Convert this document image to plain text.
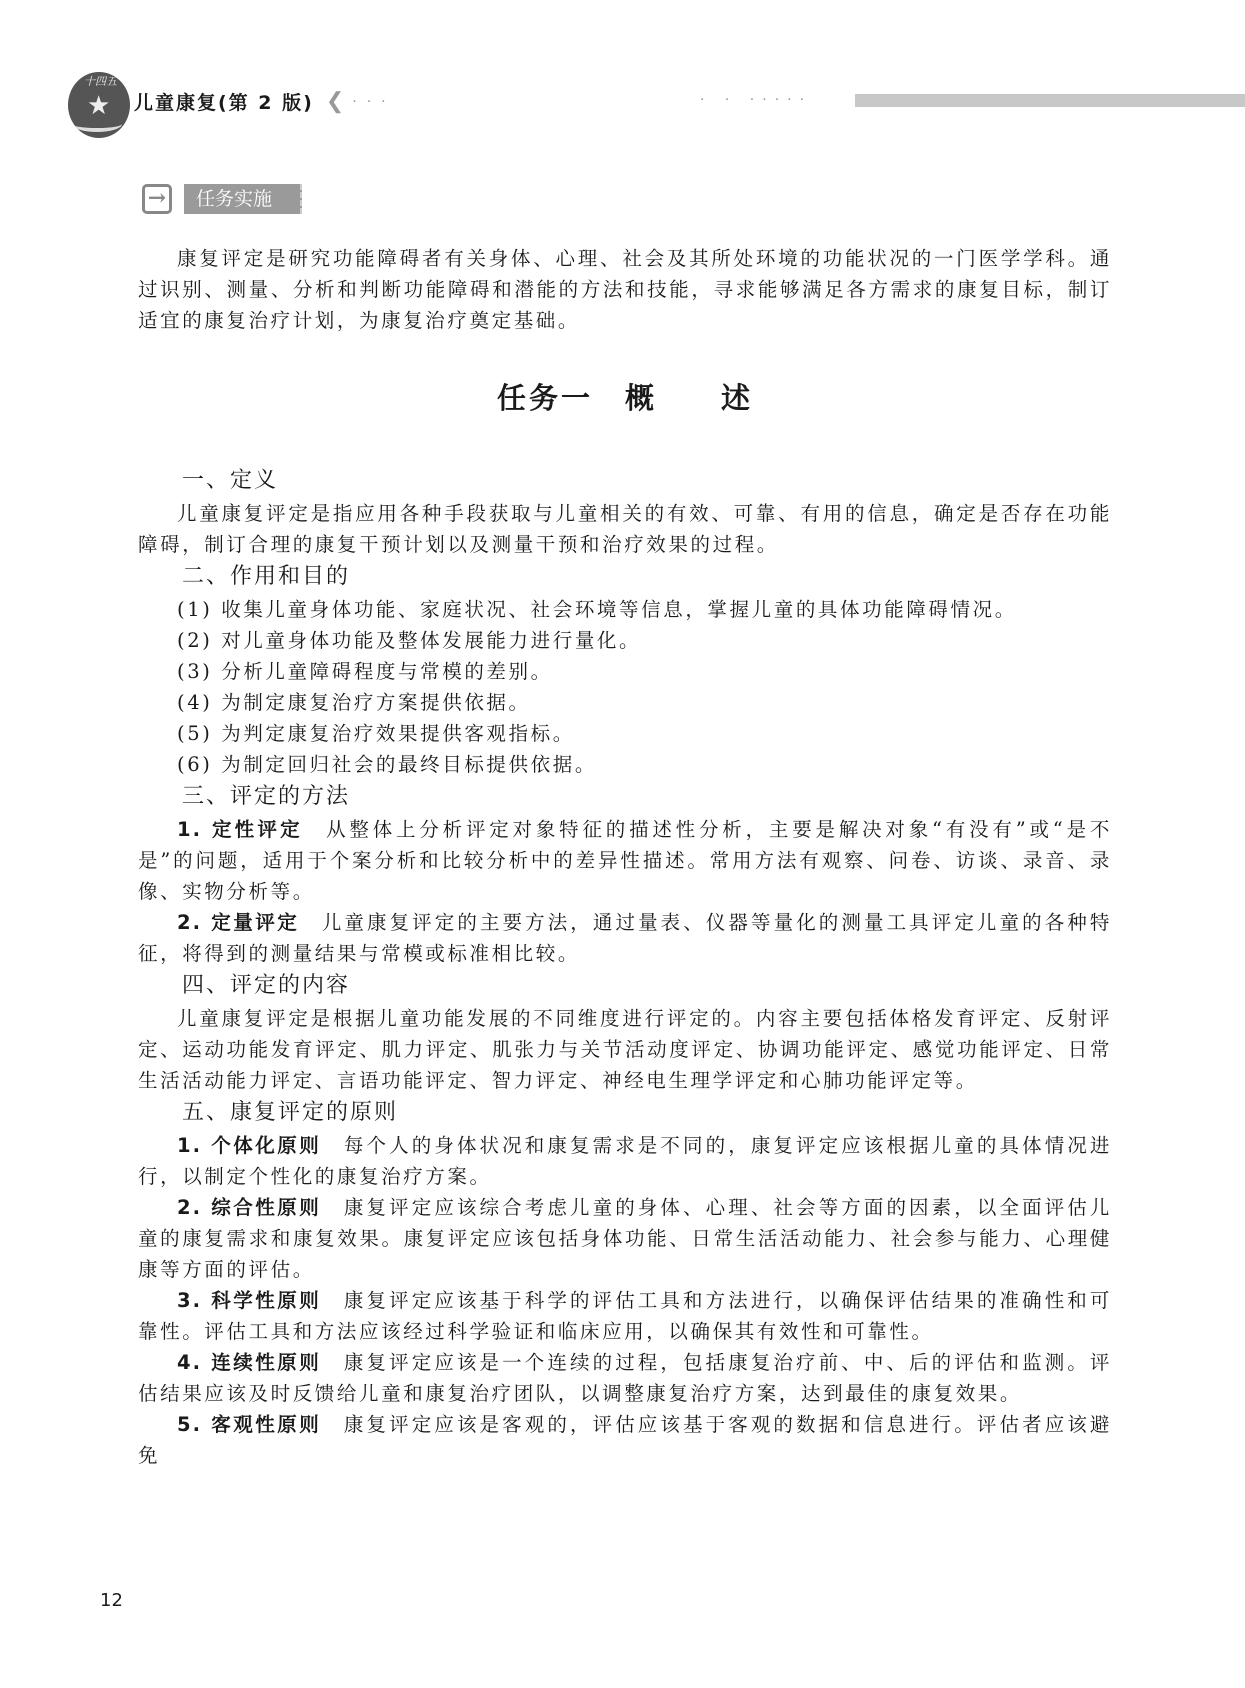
十四五
★ 儿童康复(第 2 版) ❮ ···	· · ·····
→	任务实施

康复评定是研究功能障碍者有关身体、心理、社会及其所处环境的功能状况的一门医学学科。通过识别、测量、分析和判断功能障碍和潜能的方法和技能，寻求能够满足各方需求的康复目标，制订适宜的康复治疗计划，为康复治疗奠定基础。

任务一　概　　述
一、定义

儿童康复评定是指应用各种手段获取与儿童相关的有效、可靠、有用的信息，确定是否存在功能障碍，制订合理的康复干预计划以及测量干预和治疗效果的过程。

二、作用和目的

(1) 收集儿童身体功能、家庭状况、社会环境等信息，掌握儿童的具体功能障碍情况。

(2) 对儿童身体功能及整体发展能力进行量化。

(3) 分析儿童障碍程度与常模的差别。

(4) 为制定康复治疗方案提供依据。

(5) 为判定康复治疗效果提供客观指标。

(6) 为制定回归社会的最终目标提供依据。

三、评定的方法

1. 定性评定　 从整体上分析评定对象特征的描述性分析，主要是解决对象“有没有”或“是不是”的问题，适用于个案分析和比较分析中的差异性描述。常用方法有观察、问卷、访谈、录音、录像、实物分析等。

2. 定量评定　 儿童康复评定的主要方法，通过量表、仪器等量化的测量工具评定儿童的各种特征，将得到的测量结果与常模或标准相比较。

四、评定的内容

儿童康复评定是根据儿童功能发展的不同维度进行评定的。内容主要包括体格发育评定、反射评定、运动功能发育评定、肌力评定、肌张力与关节活动度评定、协调功能评定、感觉功能评定、日常生活活动能力评定、言语功能评定、智力评定、神经电生理学评定和心肺功能评定等。

五、康复评定的原则

1. 个体化原则　 每个人的身体状况和康复需求是不同的，康复评定应该根据儿童的具体情况进行，以制定个性化的康复治疗方案。

2. 综合性原则　 康复评定应该综合考虑儿童的身体、心理、社会等方面的因素，以全面评估儿童的康复需求和康复效果。康复评定应该包括身体功能、日常生活活动能力、社会参与能力、心理健康等方面的评估。

3. 科学性原则　 康复评定应该基于科学的评估工具和方法进行，以确保评估结果的准确性和可靠性。评估工具和方法应该经过科学验证和临床应用，以确保其有效性和可靠性。

4. 连续性原则　 康复评定应该是一个连续的过程，包括康复治疗前、中、后的评估和监测。评估结果应该及时反馈给儿童和康复治疗团队，以调整康复治疗方案，达到最佳的康复效果。

5. 客观性原则　 康复评定应该是客观的，评估应该基于客观的数据和信息进行。评估者应该避免

12
